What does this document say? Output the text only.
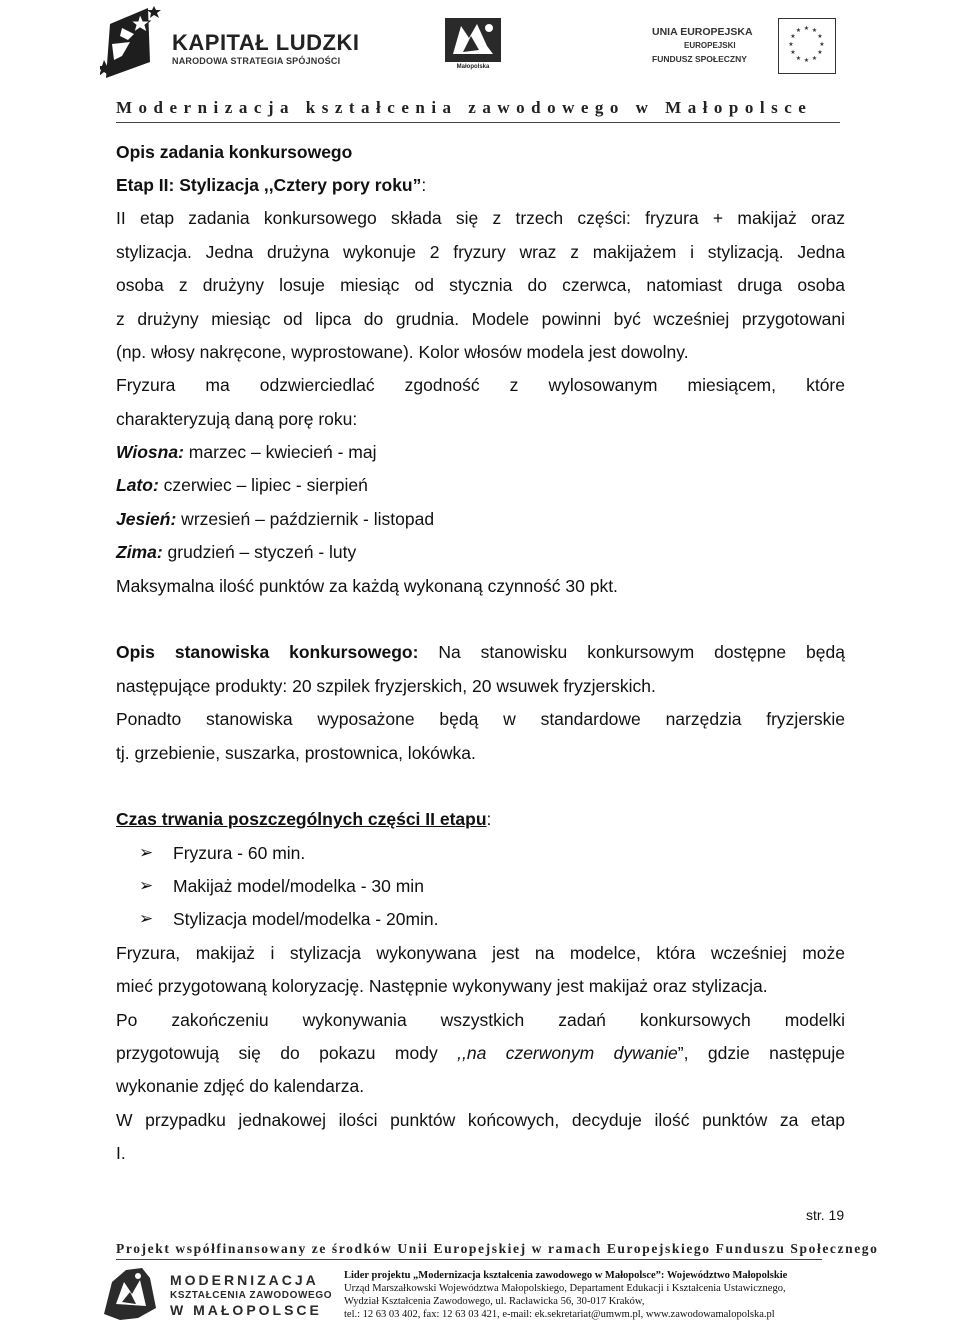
KAPITAŁ LUDZKI
NARODOWA STRATEGIA SPÓJNOŚCI
Małopolska
UNIA EUROPEJSKA
EUROPEJSKI
FUNDUSZ SPOŁECZNY
★ ★
★
★
★
★
★
★
★
★
★
★
Modernizacja kształcenia zawodowego w Małopolsce
Opis zadania konkursowego
Etap II: Stylizacja ,,Cztery pory roku”:
II etap zadania konkursowego składa się z trzech części: fryzura + makijaż oraz
stylizacja. Jedna drużyna wykonuje 2 fryzury wraz z makijażem i stylizacją. Jedna
osoba z drużyny losuje miesiąc od stycznia do czerwca, natomiast druga osoba
z drużyny miesiąc od lipca do grudnia. Modele powinni być wcześniej przygotowani
(np. włosy nakręcone, wyprostowane). Kolor włosów modela jest dowolny.
Fryzura ma odzwierciedlać zgodność z wylosowanym miesiącem, które
charakteryzują daną porę roku:
Wiosna: marzec – kwiecień - maj
Lato: czerwiec – lipiec - sierpień
Jesień: wrzesień – październik - listopad
Zima: grudzień – styczeń - luty
Maksymalna ilość punktów za każdą wykonaną czynność 30 pkt.
Opis stanowiska konkursowego: Na stanowisku konkursowym dostępne będą
następujące produkty: 20 szpilek fryzjerskich, 20 wsuwek fryzjerskich.
Ponadto stanowiska wyposażone będą w standardowe narzędzia fryzjerskie
tj. grzebienie, suszarka, prostownica, lokówka.
Czas trwania poszczególnych części II etapu:
➢ Fryzura - 60 min.
➢ Makijaż model/modelka - 30 min
➢ Stylizacja model/modelka - 20min.
Fryzura, makijaż i stylizacja wykonywana jest na modelce, która wcześniej może
mieć przygotowaną koloryzację. Następnie wykonywany jest makijaż oraz stylizacja.
Po zakończeniu wykonywania wszystkich zadań konkursowych modelki
przygotowują się do pokazu mody ,,na czerwonym dywanie”, gdzie następuje
wykonanie zdjęć do kalendarza.
W przypadku jednakowej ilości punktów końcowych, decyduje ilość punktów za etap
I.
str. 19
Projekt współfinansowany ze środków Unii Europejskiej w ramach Europejskiego Funduszu Społecznego
MODERNIZACJA
KSZTAŁCENIA ZAWODOWEGO
W MAŁOPOLSCE
Lider projektu „Modernizacja kształcenia zawodowego w Małopolsce”: Województwo Małopolskie
Urząd Marszałkowski Województwa Małopolskiego, Departament Edukacji i Kształcenia Ustawicznego,
Wydział Kształcenia Zawodowego, ul. Racławicka 56, 30-017 Kraków,
tel.: 12 63 03 402, fax: 12 63 03 421, e-mail: ek.sekretariat@umwm.pl, www.zawodowamalopolska.pl
